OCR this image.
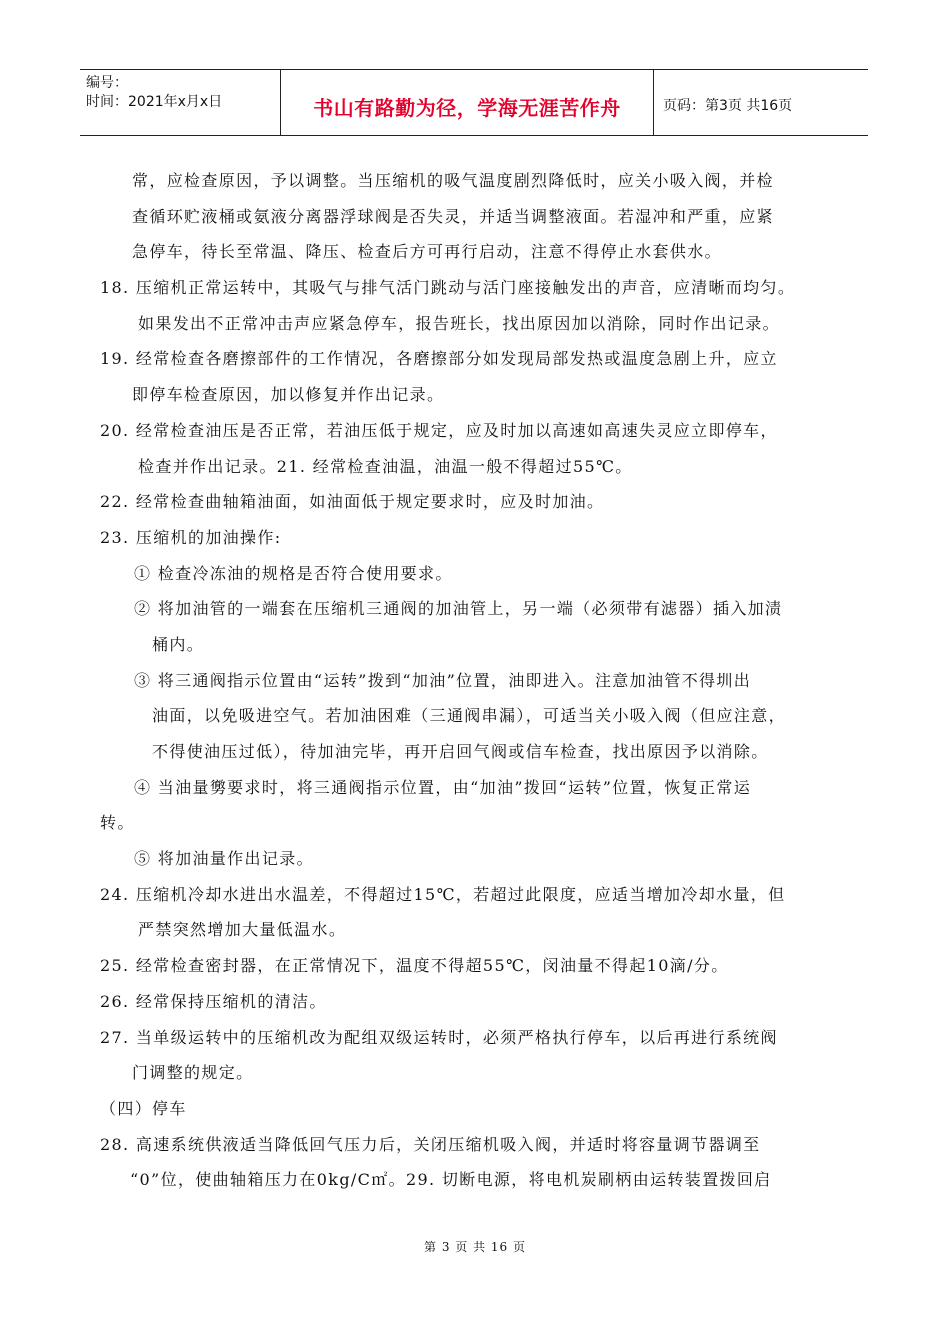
编号：
时间：2021年x月x日	书山有路勤为径，学海无涯苦作舟	页码：第3页 共16页
常，应检查原因，予以调整。当压缩机的吸气温度剧烈降低时，应关小吸入阀，并检
查循环贮液桶或氨液分离器浮球阀是否失灵，并适当调整液面。若湿冲和严重，应紧
急停车，待长至常温、降压、检查后方可再行启动，注意不得停止水套供水。
18. 压缩机正常运转中，其吸气与排气活门跳动与活门座接触发出的声音，应清晰而均匀。
如果发出不正常冲击声应紧急停车，报告班长，找出原因加以消除，同时作出记录。
19. 经常检查各磨擦部件的工作情况，各磨擦部分如发现局部发热或温度急剧上升，应立
即停车检查原因，加以修复并作出记录。
20. 经常检查油压是否正常，若油压低于规定，应及时加以高速如高速失灵应立即停车，
检查并作出记录。21. 经常检查油温，油温一般不得超过55℃。
22. 经常检查曲轴箱油面，如油面低于规定要求时，应及时加油。
23. 压缩机的加油操作:
① 检查冷冻油的规格是否符合使用要求。
② 将加油管的一端套在压缩机三通阀的加油管上，另一端（必须带有滤器）插入加渍
桶内。
③ 将三通阀指示位置由“运转”拨到“加油”位置，油即进入。注意加油管不得圳出
油面，以免吸进空气。若加油困难（三通阀串漏），可适当关小吸入阀（但应注意，
不得使油压过低），待加油完毕，再开启回气阀或信车检查，找出原因予以消除。
④ 当油量勶要求时，将三通阀指示位置，由“加油”拨回“运转”位置，恢复正常运
转。
⑤ 将加油量作出记录。
24. 压缩机冷却水进出水温差，不得超过15℃，若超过此限度，应适当增加冷却水量，但
严禁突然增加大量低温水。
25. 经常检查密封器，在正常情况下，温度不得超55℃，闵油量不得起10滴/分。
26. 经常保持压缩机的清洁。
27. 当单级运转中的压缩机改为配组双级运转时，必须严格执行停车，以后再进行系统阀
门调整的规定。
（四）停车
28. 高速系统供液适当降低回气压力后，关闭压缩机吸入阀，并适时将容量调节器调至
“0”位，使曲轴箱压力在0kg/C㎡。29. 切断电源，将电机炭刷柄由运转装置拨回启
第 3 页 共 16 页
